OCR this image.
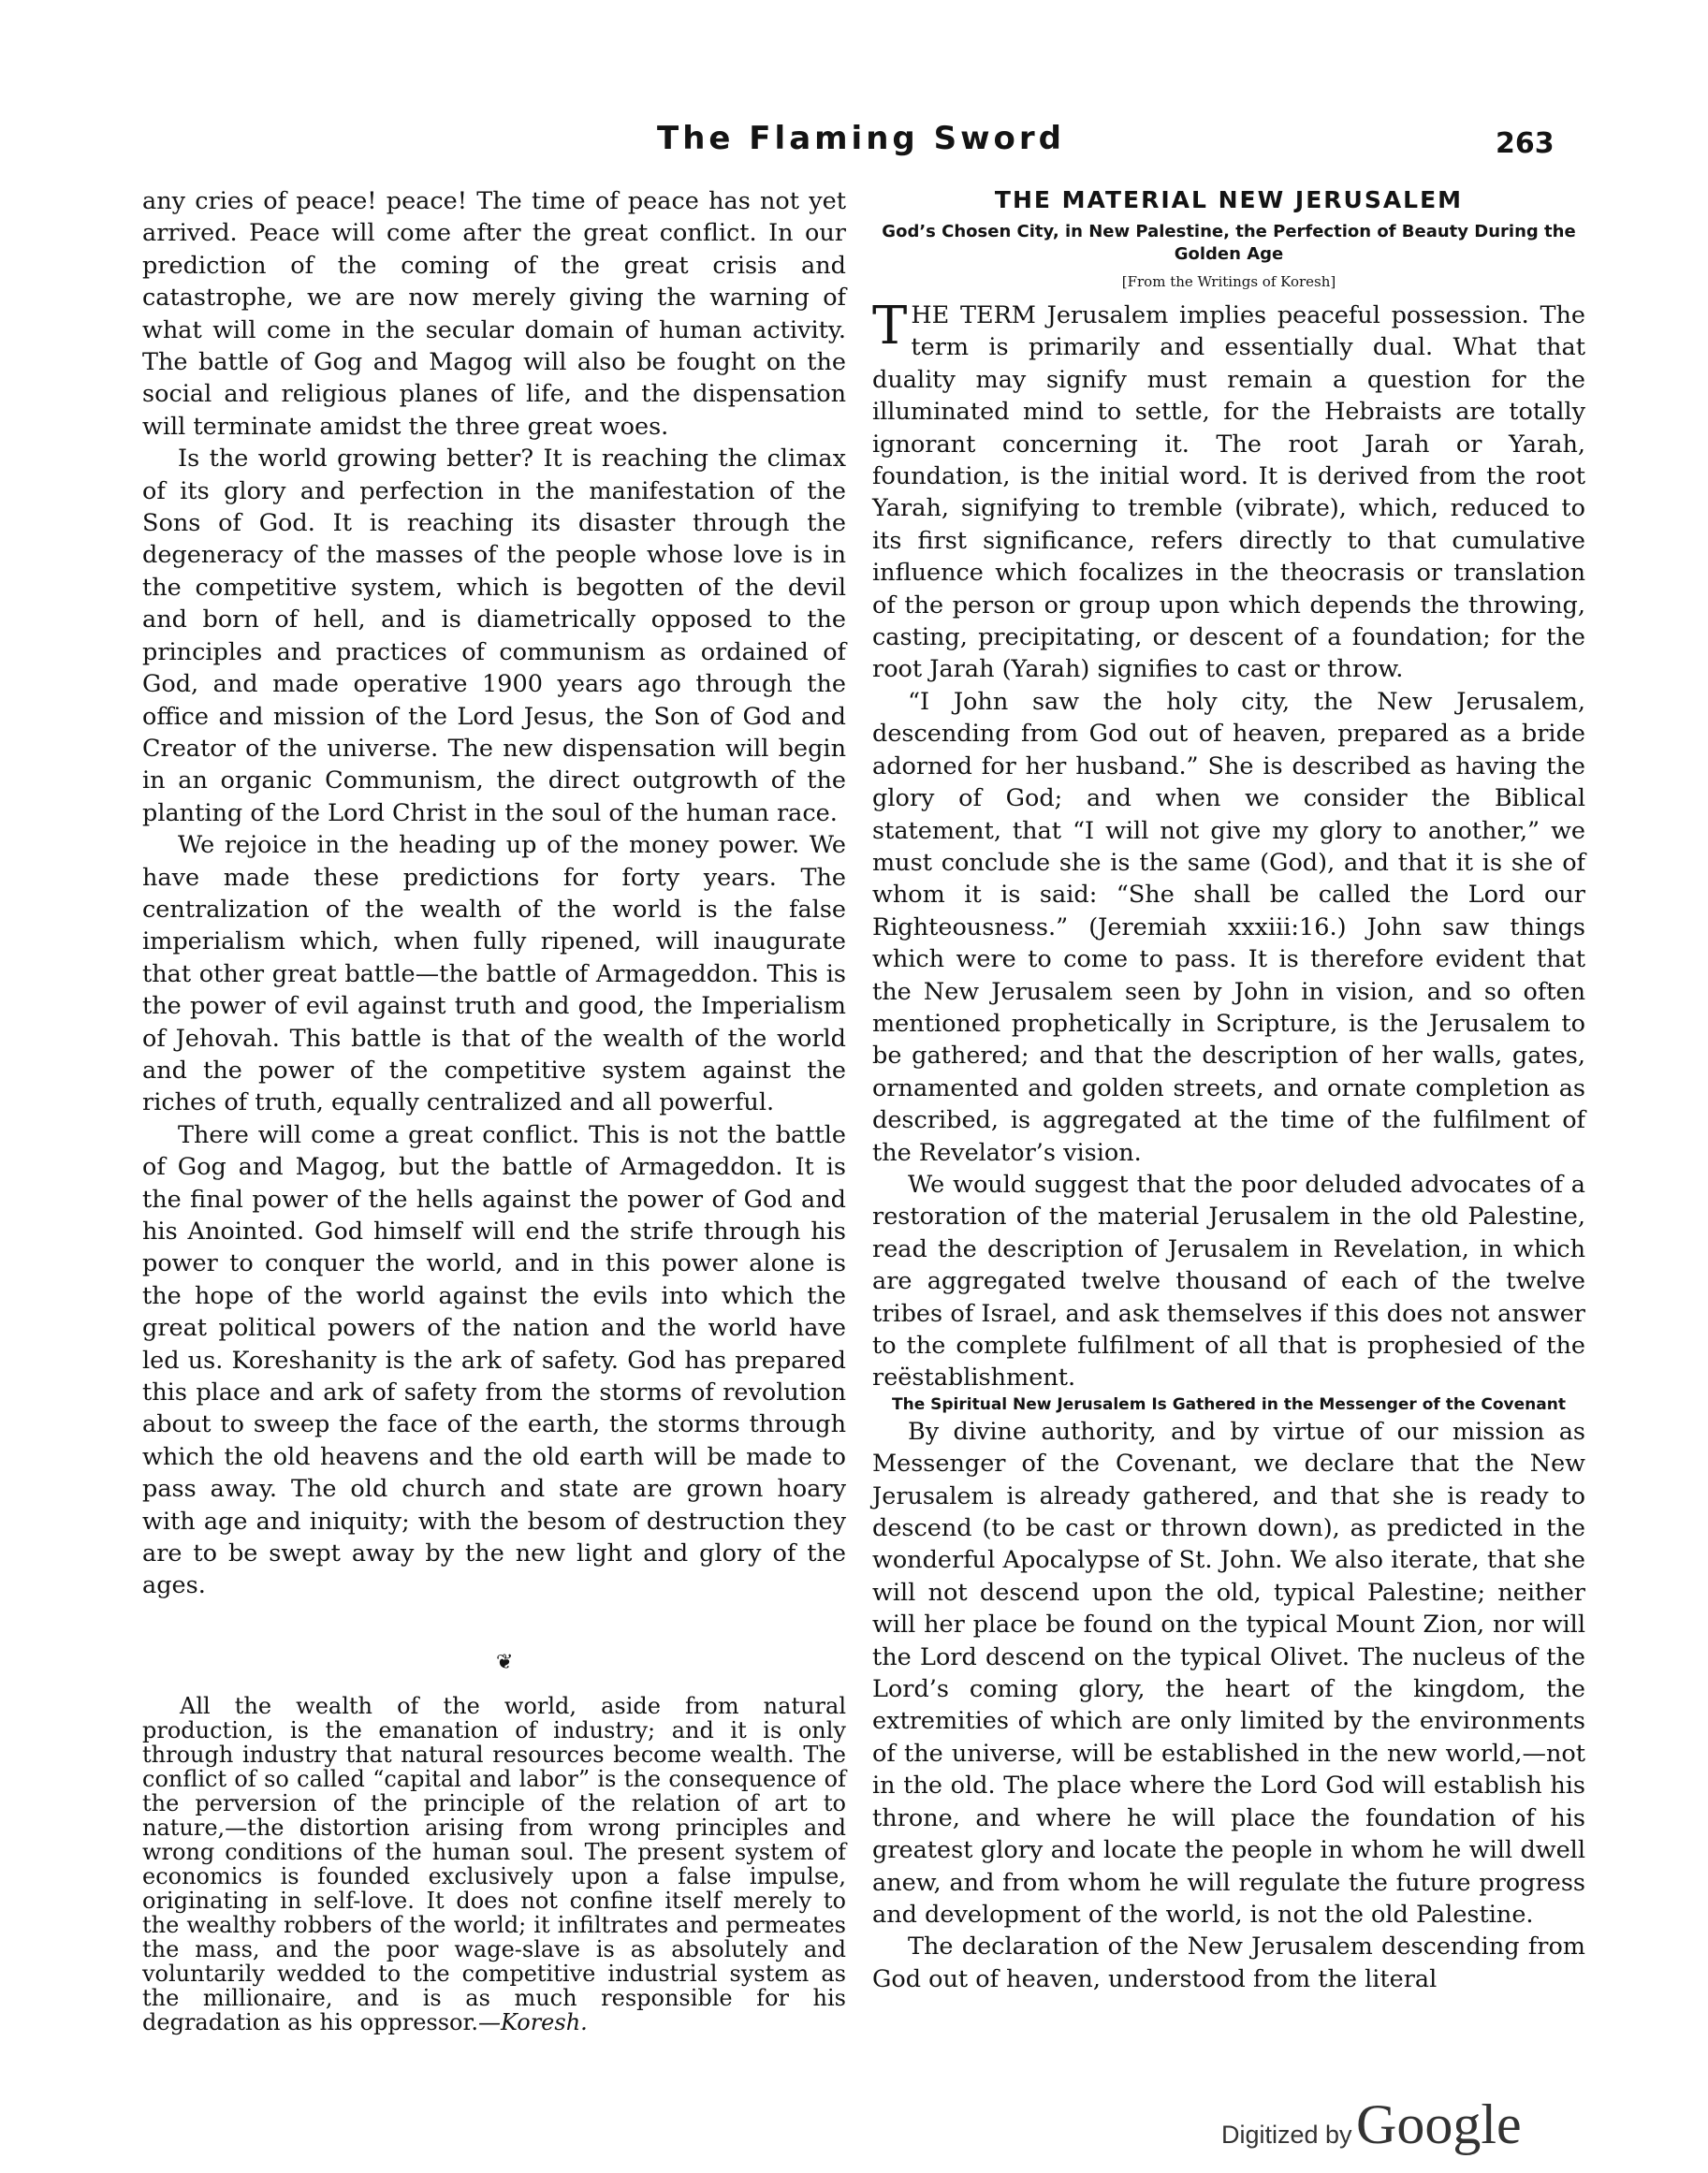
The Flaming Sword	263

any cries of peace! peace! The time of peace has not yet arrived. Peace will come after the great conflict. In our prediction of the coming of the great crisis and catastrophe, we are now merely giving the warning of what will come in the secular domain of human activity. The battle of Gog and Magog will also be fought on the social and religious planes of life, and the dispensation will terminate amidst the three great woes.

Is the world growing better? It is reaching the climax of its glory and perfection in the manifestation of the Sons of God. It is reaching its disaster through the degeneracy of the masses of the people whose love is in the competitive system, which is begotten of the devil and born of hell, and is diametrically opposed to the principles and practices of communism as ordained of God, and made operative 1900 years ago through the office and mission of the Lord Jesus, the Son of God and Creator of the universe. The new dispensation will begin in an organic Communism, the direct outgrowth of the planting of the Lord Christ in the soul of the human race.

We rejoice in the heading up of the money power. We have made these predictions for forty years. The centralization of the wealth of the world is the false imperialism which, when fully ripened, will inaugurate that other great battle—the battle of Armageddon. This is the power of evil against truth and good, the Imperialism of Jehovah. This battle is that of the wealth of the world and the power of the competitive system against the riches of truth, equally centralized and all powerful.

There will come a great conflict. This is not the battle of Gog and Magog, but the battle of Armageddon. It is the final power of the hells against the power of God and his Anointed. God himself will end the strife through his power to conquer the world, and in this power alone is the hope of the world against the evils into which the great political powers of the nation and the world have led us. Koreshanity is the ark of safety. God has prepared this place and ark of safety from the storms of revolution about to sweep the face of the earth, the storms through which the old heavens and the old earth will be made to pass away. The old church and state are grown hoary with age and iniquity; with the besom of destruction they are to be swept away by the new light and glory of the ages.

❦

All the wealth of the world, aside from natural production, is the emanation of industry; and it is only through industry that natural resources become wealth. The conflict of so called “capital and labor” is the consequence of the perversion of the principle of the relation of art to nature,—the distortion arising from wrong principles and wrong conditions of the human soul. The present system of economics is founded exclusively upon a false impulse, originating in self-love. It does not confine itself merely to the wealthy robbers of the world; it infiltrates and permeates the mass, and the poor wage-slave is as absolutely and voluntarily wedded to the competitive industrial system as the millionaire, and is as much responsible for his degradation as his oppressor.—Koresh.

THE MATERIAL NEW JERUSALEM
God’s Chosen City, in New Palestine, the Perfection of Beauty During the Golden Age
[From the Writings of Koresh]

THE TERM Jerusalem implies peaceful possession. The term is primarily and essentially dual. What that duality may signify must remain a question for the illuminated mind to settle, for the Hebraists are totally ignorant concerning it. The root Jarah or Yarah, foundation, is the initial word. It is derived from the root Yarah, signifying to tremble (vibrate), which, reduced to its first significance, refers directly to that cumulative influence which focalizes in the theocrasis or translation of the person or group upon which depends the throwing, casting, precipitating, or descent of a foundation; for the root Jarah (Yarah) signifies to cast or throw.

“I John saw the holy city, the New Jerusalem, descending from God out of heaven, prepared as a bride adorned for her husband.” She is described as having the glory of God; and when we consider the Biblical statement, that “I will not give my glory to another,” we must conclude she is the same (God), and that it is she of whom it is said: “She shall be called the Lord our Righteousness.” (Jeremiah xxxiii:16.) John saw things which were to come to pass. It is therefore evident that the New Jerusalem seen by John in vision, and so often mentioned prophetically in Scripture, is the Jerusalem to be gathered; and that the description of her walls, gates, ornamented and golden streets, and ornate completion as described, is aggregated at the time of the fulfilment of the Revelator’s vision.

We would suggest that the poor deluded advocates of a restoration of the material Jerusalem in the old Palestine, read the description of Jerusalem in Revelation, in which are aggregated twelve thousand of each of the twelve tribes of Israel, and ask themselves if this does not answer to the complete fulfilment of all that is prophesied of the reëstablishment.

The Spiritual New Jerusalem Is Gathered in the Messenger of the Covenant

By divine authority, and by virtue of our mission as Messenger of the Covenant, we declare that the New Jerusalem is already gathered, and that she is ready to descend (to be cast or thrown down), as predicted in the wonderful Apocalypse of St. John. We also iterate, that she will not descend upon the old, typical Palestine; neither will her place be found on the typical Mount Zion, nor will the Lord descend on the typical Olivet. The nucleus of the Lord’s coming glory, the heart of the kingdom, the extremities of which are only limited by the environments of the universe, will be established in the new world,—not in the old. The place where the Lord God will establish his throne, and where he will place the foundation of his greatest glory and locate the people in whom he will dwell anew, and from whom he will regulate the future progress and development of the world, is not the old Palestine.

The declaration of the New Jerusalem descending from God out of heaven, understood from the literal

Digitized by Google
